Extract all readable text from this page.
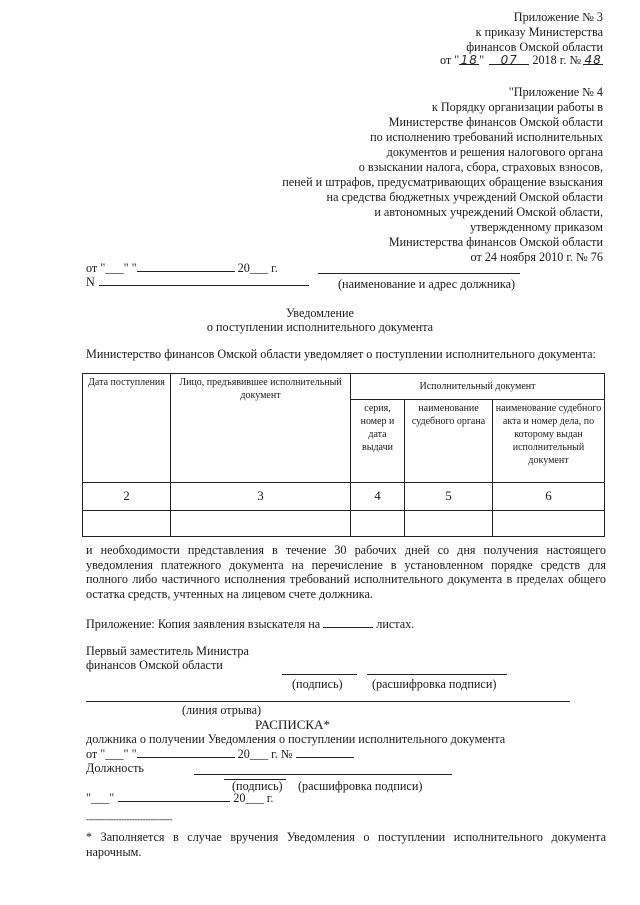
Приложение № 3
к приказу Министерства
финансов Омской области
от "18" 07 2018 г. № 48
"Приложение № 4
к Порядку организации работы в
Министерстве финансов Омской области
по исполнению требований исполнительных
документов и решения налогового органа
о взыскании налога, сбора, страховых взносов,
пеней и штрафов, предусматривающих обращение взыскания
на средства бюджетных учреждений Омской области
и автономных учреждений Омской области,
утвержденному приказом
Министерства финансов Омской области
от 24 ноября 2010 г. № 76
от "___" "	20___ г.
N	(наименование и адрес должника)
Уведомление
о поступлении исполнительного документа
Министерство финансов Омской области уведомляет о поступлении исполнительного документа:
Дата поступления	Лицо, предъявившее исполнительный документ	Исполнительный документ		
		серия, номер и дата выдачи	наименование судебного органа	наименование судебного акта и номер дела, по которому выдан исполнительный документ
2	3	4	5	6

и необходимости представления в течение 30 рабочих дней со дня получения настоящего уведомления платежного документа на перечисление в установленном порядке средств для полного либо частичного исполнения требований исполнительного документа в пределах общего остатка средств, учтенных на лицевом счете должника.
Приложение: Копия заявления взыскателя на	листах.
Первый заместитель Министра
финансов Омской области
(подпись) (расшифровка подписи)
(линия отрыва)
РАСПИСКА*
должника о получении Уведомления о поступлении исполнительного документа
от "___" "	20___ г. №
Должность
(подпись) (расшифровка подписи)
"___"	20___ г.
--------------------------------
* Заполняется в случае вручения Уведомления о поступлении исполнительного документа нарочным.
